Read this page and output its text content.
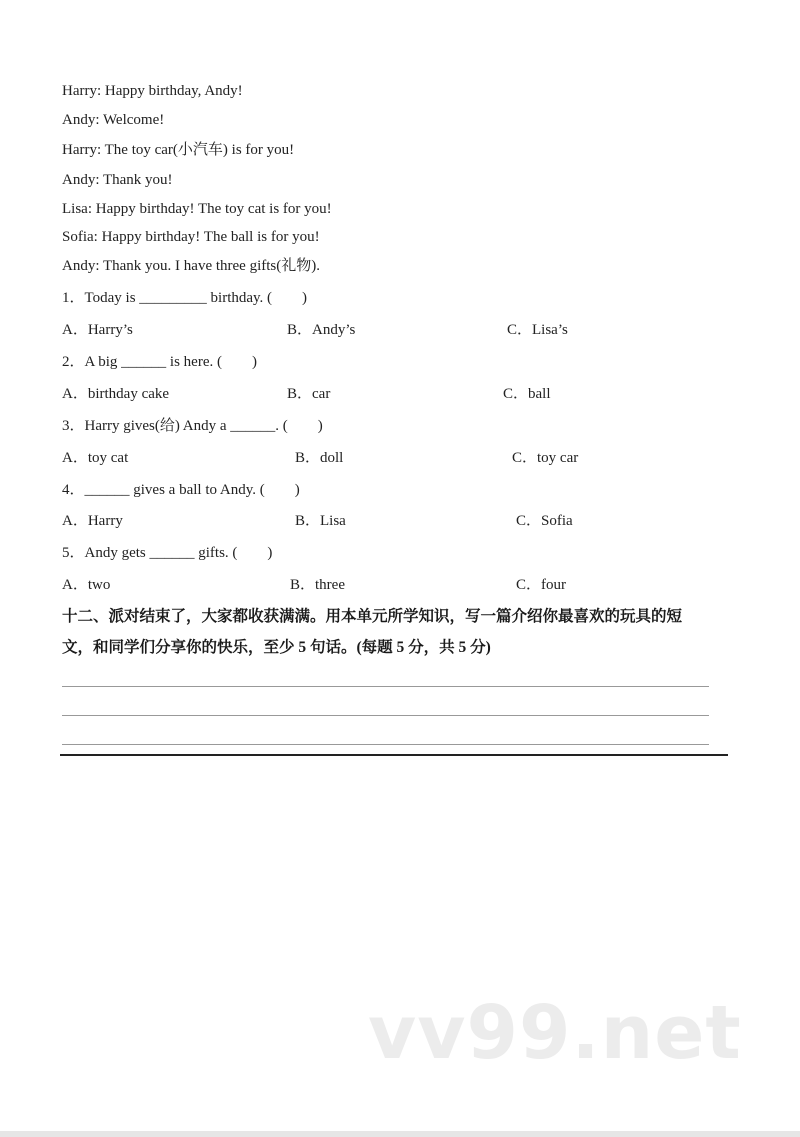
Harry: Happy birthday, Andy!
Andy: Welcome!
Harry: The toy car(小汽车) is for you!
Andy: Thank you!
Lisa: Happy birthday! The toy cat is for you!
Sofia: Happy birthday! The ball is for you!
Andy: Thank you. I have three gifts(礼物).
1．Today is _________ birthday. (　　)
A．Harry’s	B．Andy’s	C．Lisa’s
2．A big ______ is here. (　　)
A．birthday cake	B．car	C．ball
3．Harry gives(给) Andy a ______. (　　)
A．toy cat	B．doll	C．toy car
4．______ gives a ball to Andy. (　　)
A．Harry	B．Lisa	C．Sofia
5．Andy gets ______ gifts. (　　)
A．two	B．three	C．four
十二、派对结束了，大家都收获满满。用本单元所学知识，写一篇介绍你最喜欢的玩具的短
文，和同学们分享你的快乐，至少 5 句话。(每题 5 分，共 5 分)
vv99.net
